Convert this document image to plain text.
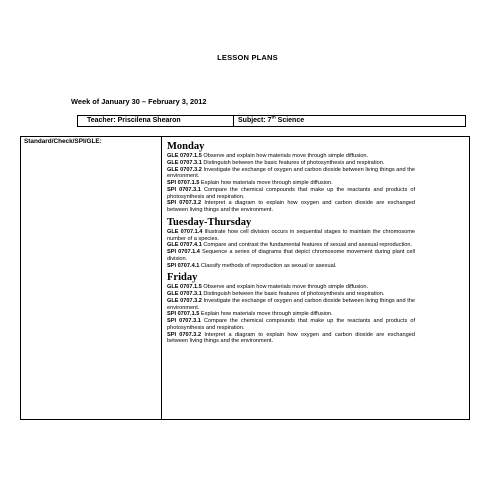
LESSON PLANS
Week of January 30 – February 3, 2012
Teacher: Priscilena Shearon	Subject: 7th Science
Standard/Check/SPI/GLE:	Monday
GLE 0707.1.5 Observe and explain how materials move through simple diffusion.
GLE 0707.3.1 Distinguish between the basic features of photosynthesis and respiration.
GLE 0707.3.2 Investigate the exchange of oxygen and carbon dioxide between living things and the environment.
SPI 0707.1.5 Explain how materials move through simple diffusion.
SPI 0707.3.1 Compare the chemical compounds that make up the reactants and products of photosynthesis and respiration.
SPI 0707.3.2 Interpret a diagram to explain how oxygen and carbon dioxide are exchanged between living things and the environment.
Tuesday-Thursday
GLE 0707.1.4 Illustrate how cell division occurs in sequential stages to maintain the chromosome number of a species.
GLE 0707.4.1 Compare and contrast the fundamental features of sexual and asexual reproduction.
SPI 0707.1.4 Sequence a series of diagrams that depict chromosome movement during plant cell division.
SPI 0707.4.1 Classify methods of reproduction as sexual or asexual.
Friday
GLE 0707.1.5 Observe and explain how materials move through simple diffusion.
GLE 0707.3.1 Distinguish between the basic features of photosynthesis and respiration.
GLE 0707.3.2 Investigate the exchange of oxygen and carbon dioxide between living things and the environment.
SPI 0707.1.5 Explain how materials move through simple diffusion.
SPI 0707.3.1 Compare the chemical compounds that make up the reactants and products of photosynthesis and respiration.
SPI 0707.3.2 Interpret a diagram to explain how oxygen and carbon dioxide are exchanged between living things and the environment.
